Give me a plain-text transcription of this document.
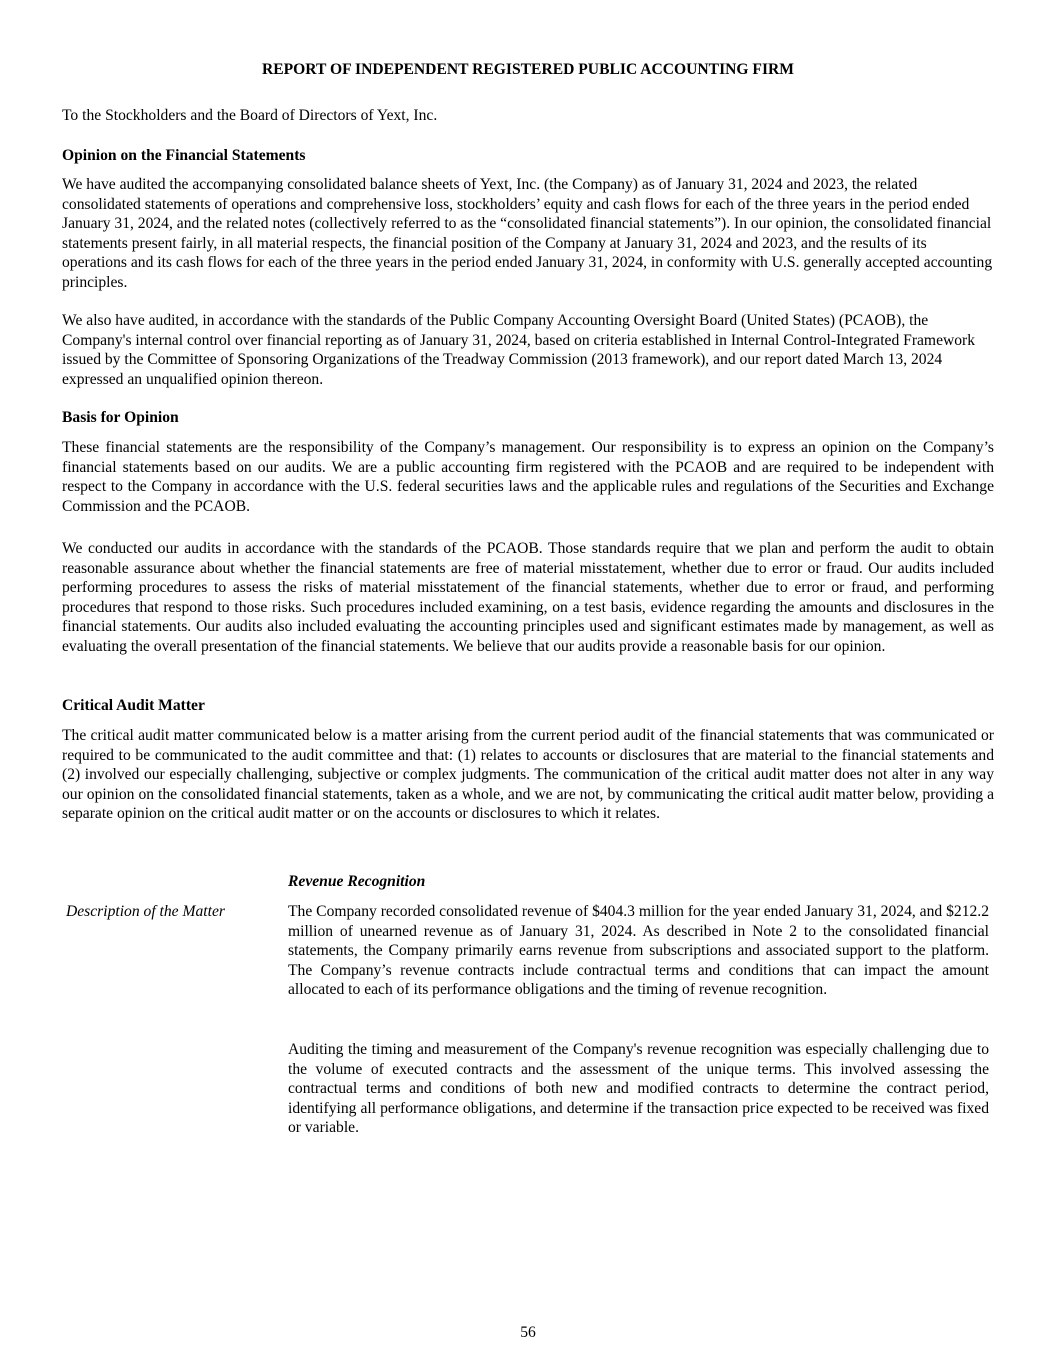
REPORT OF INDEPENDENT REGISTERED PUBLIC ACCOUNTING FIRM
To the Stockholders and the Board of Directors of Yext, Inc.
Opinion on the Financial Statements

We have audited the accompanying consolidated balance sheets of Yext, Inc. (the Company) as of January 31, 2024 and 2023, the related consolidated statements of operations and comprehensive loss, stockholders’ equity and cash flows for each of the three years in the period ended January 31, 2024, and the related notes (collectively referred to as the “consolidated financial statements”). In our opinion, the consolidated financial statements present fairly, in all material respects, the financial position of the Company at January 31, 2024 and 2023, and the results of its operations and its cash flows for each of the three years in the period ended January 31, 2024, in conformity with U.S. generally accepted accounting principles.

We also have audited, in accordance with the standards of the Public Company Accounting Oversight Board (United States) (PCAOB), the Company's internal control over financial reporting as of January 31, 2024, based on criteria established in Internal Control-Integrated Framework issued by the Committee of Sponsoring Organizations of the Treadway Commission (2013 framework), and our report dated March 13, 2024 expressed an unqualified opinion thereon.

Basis for Opinion

These financial statements are the responsibility of the Company’s management. Our responsibility is to express an opinion on the Company’s financial statements based on our audits. We are a public accounting firm registered with the PCAOB and are required to be independent with respect to the Company in accordance with the U.S. federal securities laws and the applicable rules and regulations of the Securities and Exchange Commission and the PCAOB.

We conducted our audits in accordance with the standards of the PCAOB. Those standards require that we plan and perform the audit to obtain reasonable assurance about whether the financial statements are free of material misstatement, whether due to error or fraud. Our audits included performing procedures to assess the risks of material misstatement of the financial statements, whether due to error or fraud, and performing procedures that respond to those risks. Such procedures included examining, on a test basis, evidence regarding the amounts and disclosures in the financial statements. Our audits also included evaluating the accounting principles used and significant estimates made by management, as well as evaluating the overall presentation of the financial statements. We believe that our audits provide a reasonable basis for our opinion.

Critical Audit Matter

The critical audit matter communicated below is a matter arising from the current period audit of the financial statements that was communicated or required to be communicated to the audit committee and that: (1) relates to accounts or disclosures that are material to the financial statements and (2) involved our especially challenging, subjective or complex judgments. The communication of the critical audit matter does not alter in any way our opinion on the consolidated financial statements, taken as a whole, and we are not, by communicating the critical audit matter below, providing a separate opinion on the critical audit matter or on the accounts or disclosures to which it relates.

Revenue Recognition
Description of the Matter	The Company recorded consolidated revenue of $404.3 million for the year ended January 31, 2024, and $212.2 million of unearned revenue as of January 31, 2024. As described in Note 2 to the consolidated financial statements, the Company primarily earns revenue from subscriptions and associated support to the platform. The Company’s revenue contracts include contractual terms and conditions that can impact the amount allocated to each of its performance obligations and the timing of revenue recognition.

Auditing the timing and measurement of the Company's revenue recognition was especially challenging due to the volume of executed contracts and the assessment of the unique terms. This involved assessing the contractual terms and conditions of both new and modified contracts to determine the contract period, identifying all performance obligations, and determine if the transaction price expected to be received was fixed or variable.

56
